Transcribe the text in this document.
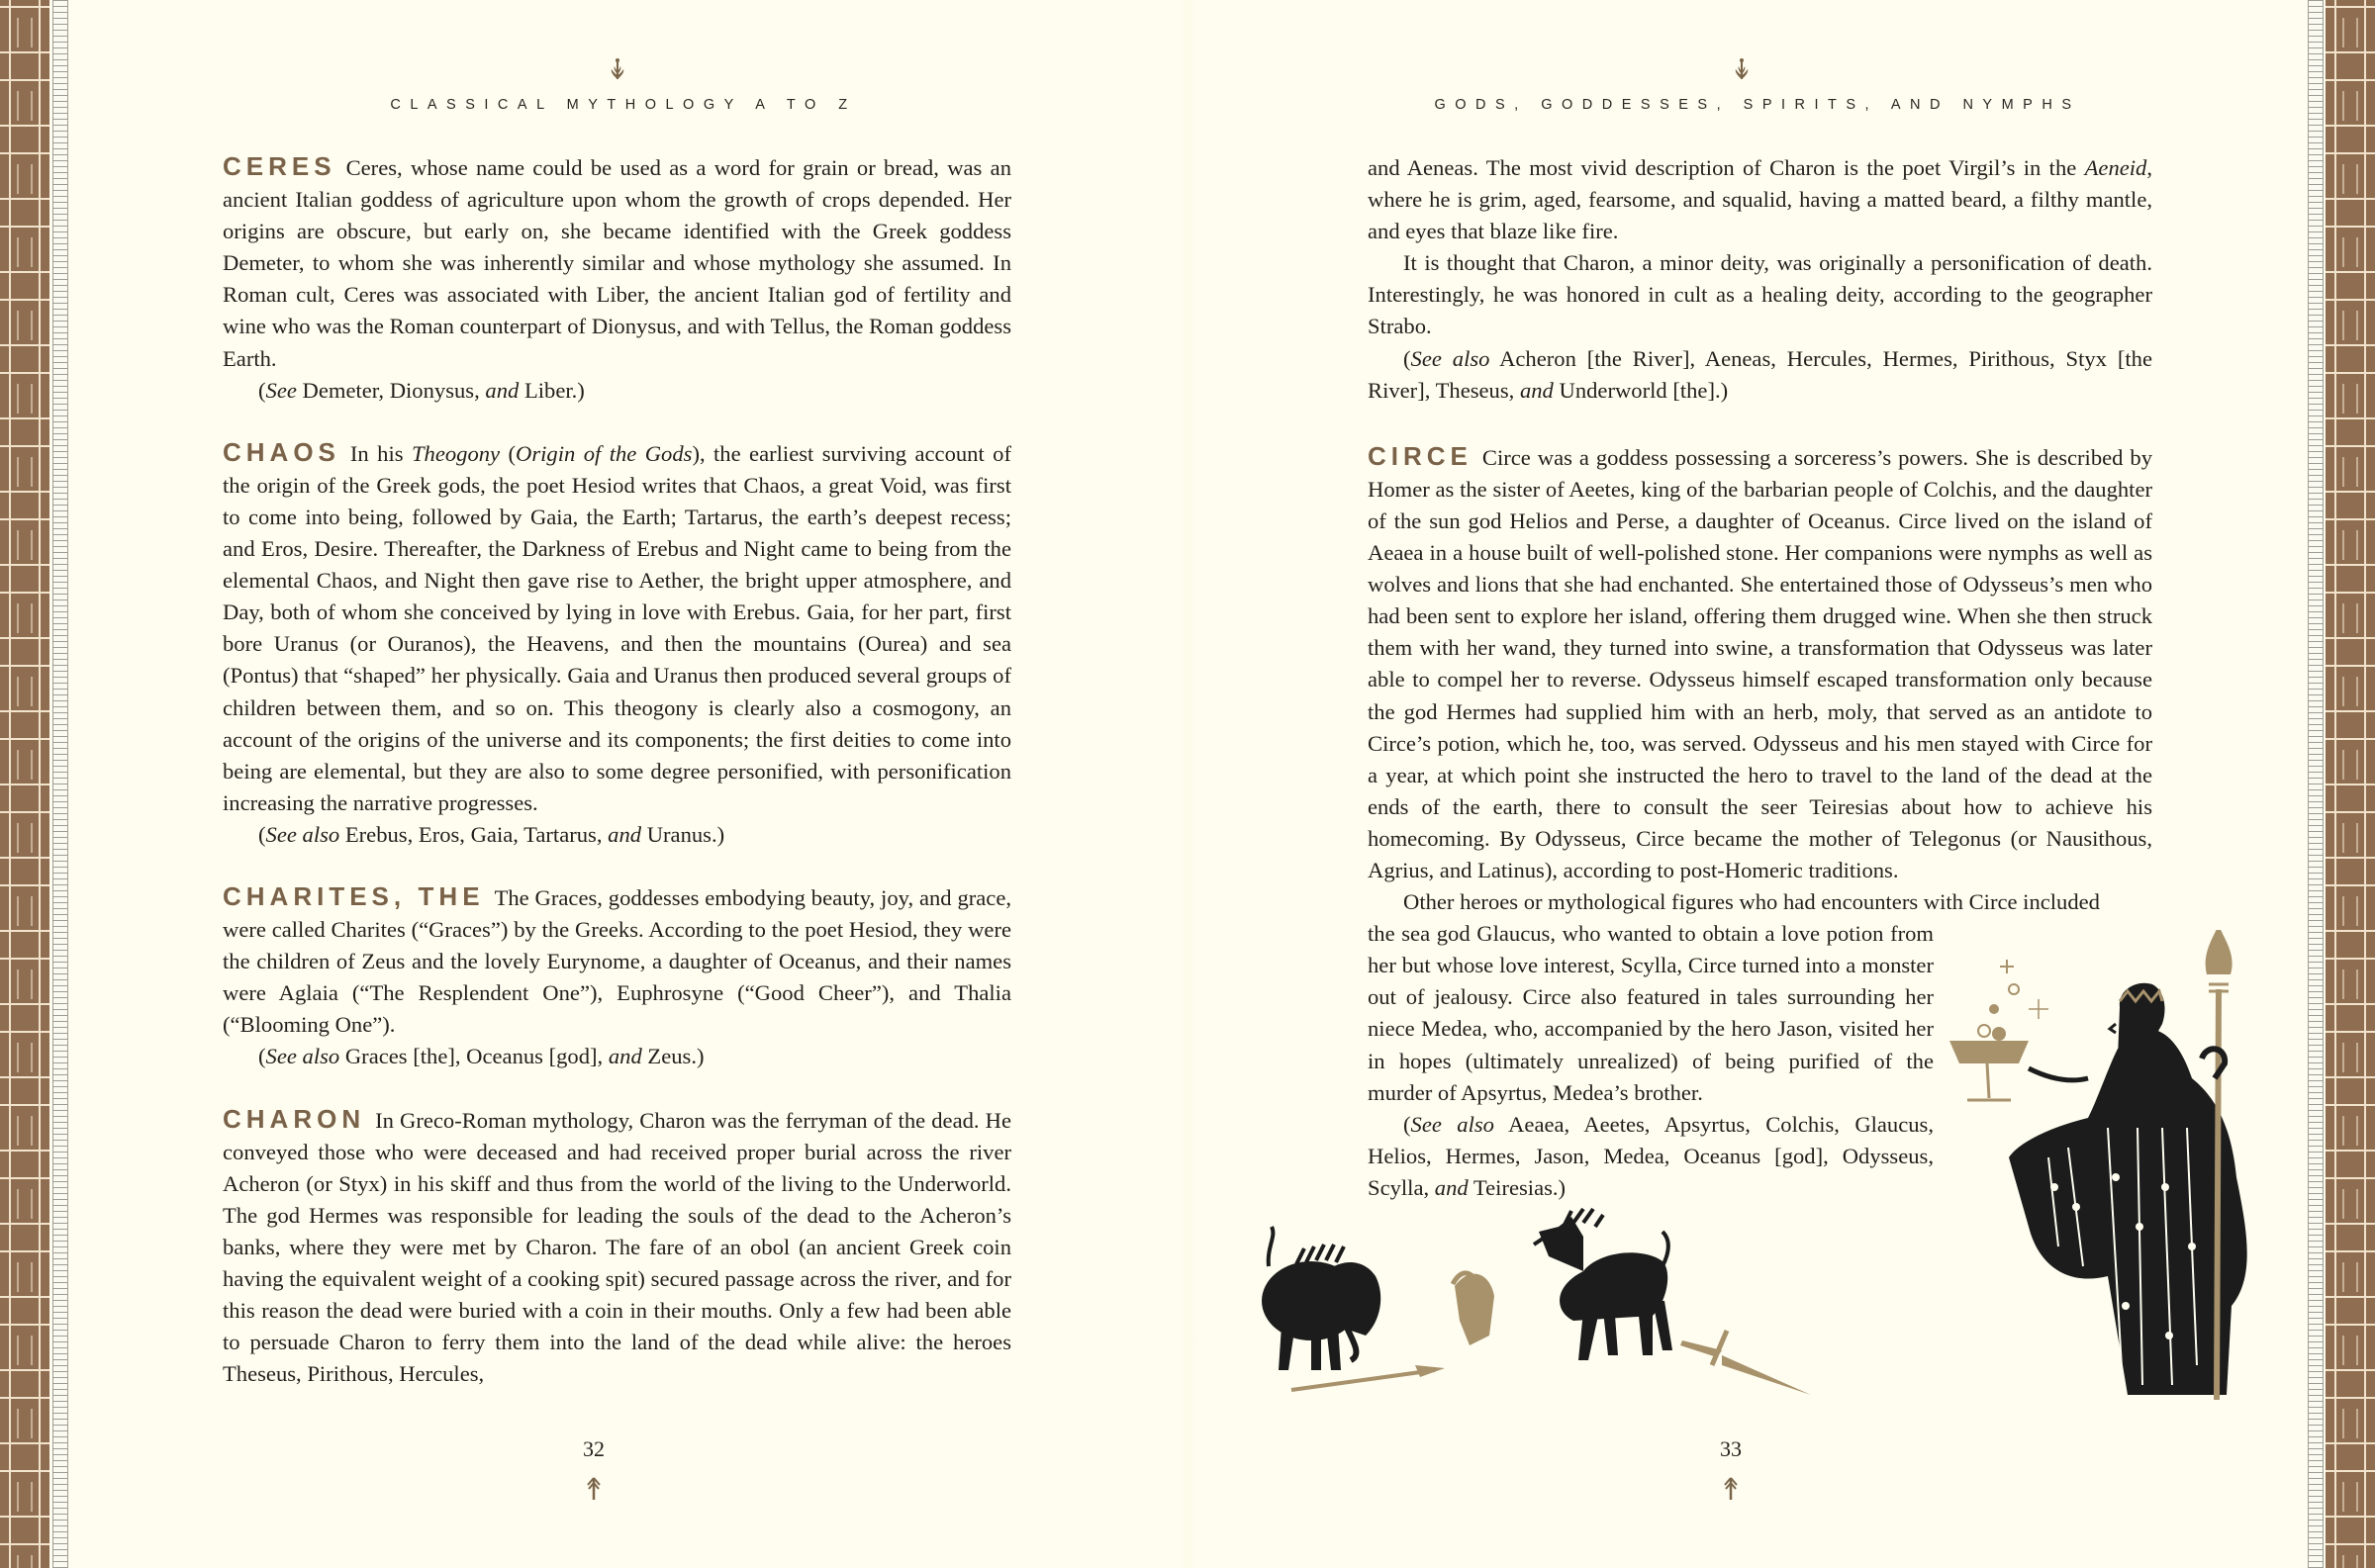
CLASSICAL MYTHOLOGY A TO Z

CERES Ceres, whose name could be used as a word for grain or bread, was an ancient Italian goddess of agriculture upon whom the growth of crops depended. Her origins are obscure, but early on, she became identified with the Greek goddess Demeter, to whom she was inherently similar and whose mythology she assumed. In Roman cult, Ceres was associated with Liber, the ancient Italian god of fertility and wine who was the Roman counterpart of Dionysus, and with Tellus, the Roman goddess Earth.

(See Demeter, Dionysus, and Liber.)

CHAOS In his Theogony (Origin of the Gods), the earliest surviving account of the origin of the Greek gods, the poet Hesiod writes that Chaos, a great Void, was first to come into being, followed by Gaia, the Earth; Tartarus, the earth’s deepest recess; and Eros, Desire. Thereafter, the Darkness of Erebus and Night came to being from the elemental Chaos, and Night then gave rise to Aether, the bright upper atmosphere, and Day, both of whom she conceived by lying in love with Erebus. Gaia, for her part, first bore Uranus (or Ouranos), the Heavens, and then the mountains (Ourea) and sea (Pontus) that “shaped” her physically. Gaia and Uranus then produced several groups of children between them, and so on. This theogony is clearly also a cosmogony, an account of the origins of the universe and its components; the first deities to come into being are elemental, but they are also to some degree personified, with personification increasing the narrative progresses.

(See also Erebus, Eros, Gaia, Tartarus, and Uranus.)

CHARITES, THE The Graces, goddesses embodying beauty, joy, and grace, were called Charites (“Graces”) by the Greeks. According to the poet Hesiod, they were the children of Zeus and the lovely Eurynome, a daughter of Oceanus, and their names were Aglaia (“The Resplendent One”), Euphrosyne (“Good Cheer”), and Thalia (“Blooming One”).

(See also Graces [the], Oceanus [god], and Zeus.)

CHARON In Greco-Roman mythology, Charon was the ferryman of the dead. He conveyed those who were deceased and had received proper burial across the river Acheron (or Styx) in his skiff and thus from the world of the living to the Underworld. The god Hermes was responsible for leading the souls of the dead to the Acheron’s banks, where they were met by Charon. The fare of an obol (an ancient Greek coin having the equivalent weight of a cooking spit) secured passage across the river, and for this reason the dead were buried with a coin in their mouths. Only a few had been able to persuade Charon to ferry them into the land of the dead while alive: the heroes Theseus, Pirithous, Hercules,

32
GODS, GODDESSES, SPIRITS, AND NYMPHS

and Aeneas. The most vivid description of Charon is the poet Virgil’s in the Aeneid, where he is grim, aged, fearsome, and squalid, having a matted beard, a filthy mantle, and eyes that blaze like fire.

It is thought that Charon, a minor deity, was originally a personification of death. Interestingly, he was honored in cult as a healing deity, according to the geographer Strabo.

(See also Acheron [the River], Aeneas, Hercules, Hermes, Pirithous, Styx [the River], Theseus, and Underworld [the].)

CIRCE Circe was a goddess possessing a sorceress’s powers. She is described by Homer as the sister of Aeetes, king of the barbarian people of Colchis, and the daughter of the sun god Helios and Perse, a daughter of Oceanus. Circe lived on the island of Aeaea in a house built of well-polished stone. Her companions were nymphs as well as wolves and lions that she had enchanted. She entertained those of Odysseus’s men who had been sent to explore her island, offering them drugged wine. When she then struck them with her wand, they turned into swine, a transformation that Odysseus was later able to compel her to reverse. Odysseus himself escaped transformation only because the god Hermes had supplied him with an herb, moly, that served as an antidote to Circe’s potion, which he, too, was served. Odysseus and his men stayed with Circe for a year, at which point she instructed the hero to travel to the land of the dead at the ends of the earth, there to consult the seer Teiresias about how to achieve his homecoming. By Odysseus, Circe became the mother of Telegonus (or Nausithous, Agrius, and Latinus), according to post-Homeric traditions.

Other heroes or mythological figures who had encounters with Circe included

the sea god Glaucus, who wanted to obtain a love potion from her but whose love interest, Scylla, Circe turned into a monster out of jealousy. Circe also featured in tales surrounding her niece Medea, who, accompanied by the hero Jason, visited her in hopes (ultimately unrealized) of being purified of the murder of Apsyrtus, Medea’s brother.

(See also Aeaea, Aeetes, Apsyrtus, Colchis, Glaucus, Helios, Hermes, Jason, Medea, Oceanus [god], Odysseus, Scylla, and Teiresias.)

33
